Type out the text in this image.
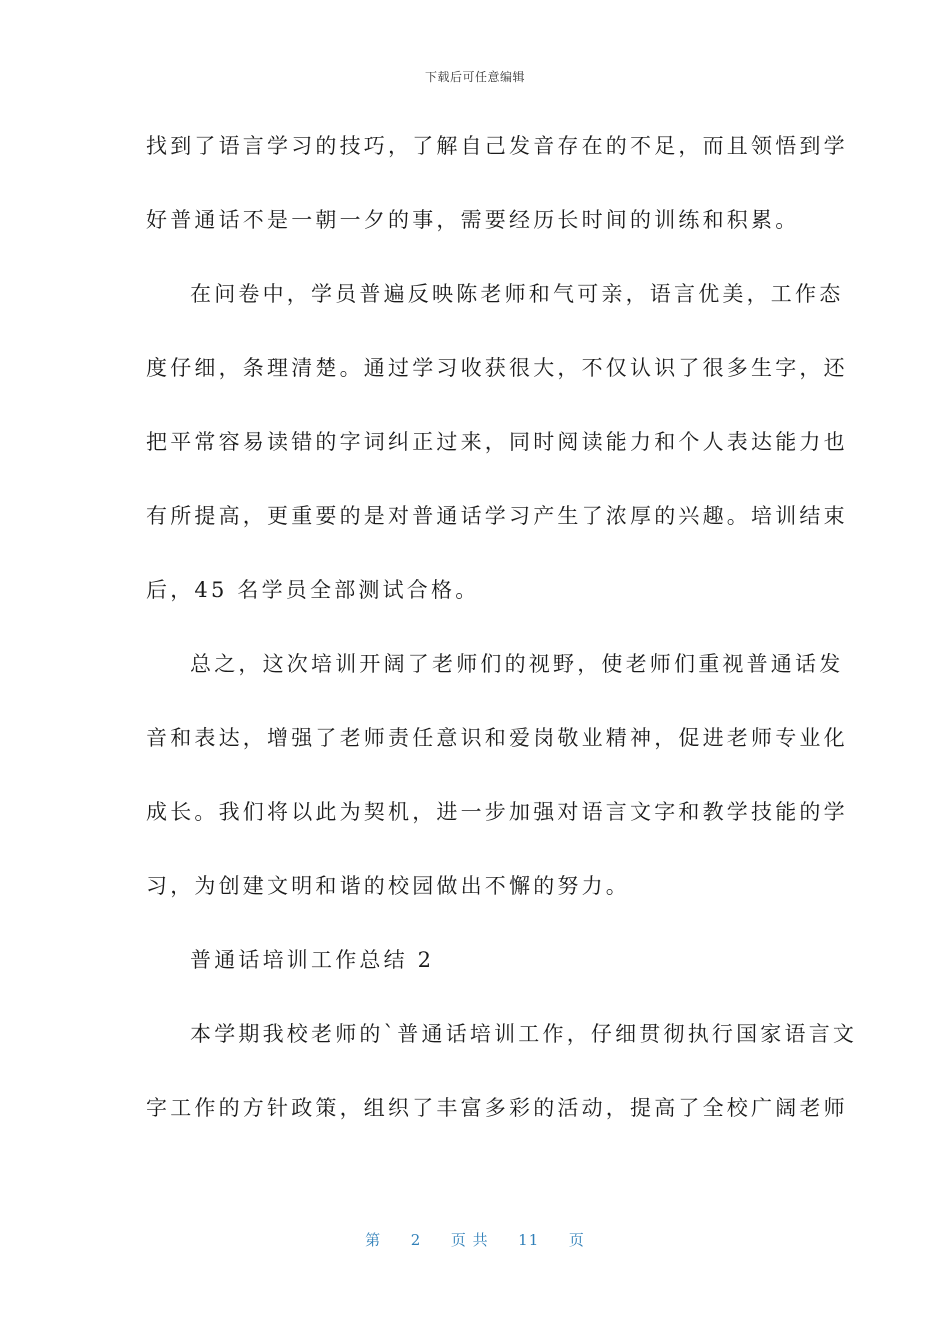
下载后可任意编辑
找到了语言学习的技巧，了解自己发音存在的不足，而且领悟到学
好普通话不是一朝一夕的事，需要经历长时间的训练和积累。
在问卷中，学员普遍反映陈老师和气可亲，语言优美，工作态
度仔细，条理清楚。通过学习收获很大，不仅认识了很多生字，还
把平常容易读错的字词纠正过来，同时阅读能力和个人表达能力也
有所提高，更重要的是对普通话学习产生了浓厚的兴趣。培训结束
后，45 名学员全部测试合格。
总之，这次培训开阔了老师们的视野，使老师们重视普通话发
音和表达，增强了老师责任意识和爱岗敬业精神，促进老师专业化
成长。我们将以此为契机，进一步加强对语言文字和教学技能的学
习，为创建文明和谐的校园做出不懈的努力。
普通话培训工作总结 2
本学期我校老师的`普通话培训工作，仔细贯彻执行国家语言文
字工作的方针政策，组织了丰富多彩的活动，提高了全校广阔老师
第 2 页 共 11 页
